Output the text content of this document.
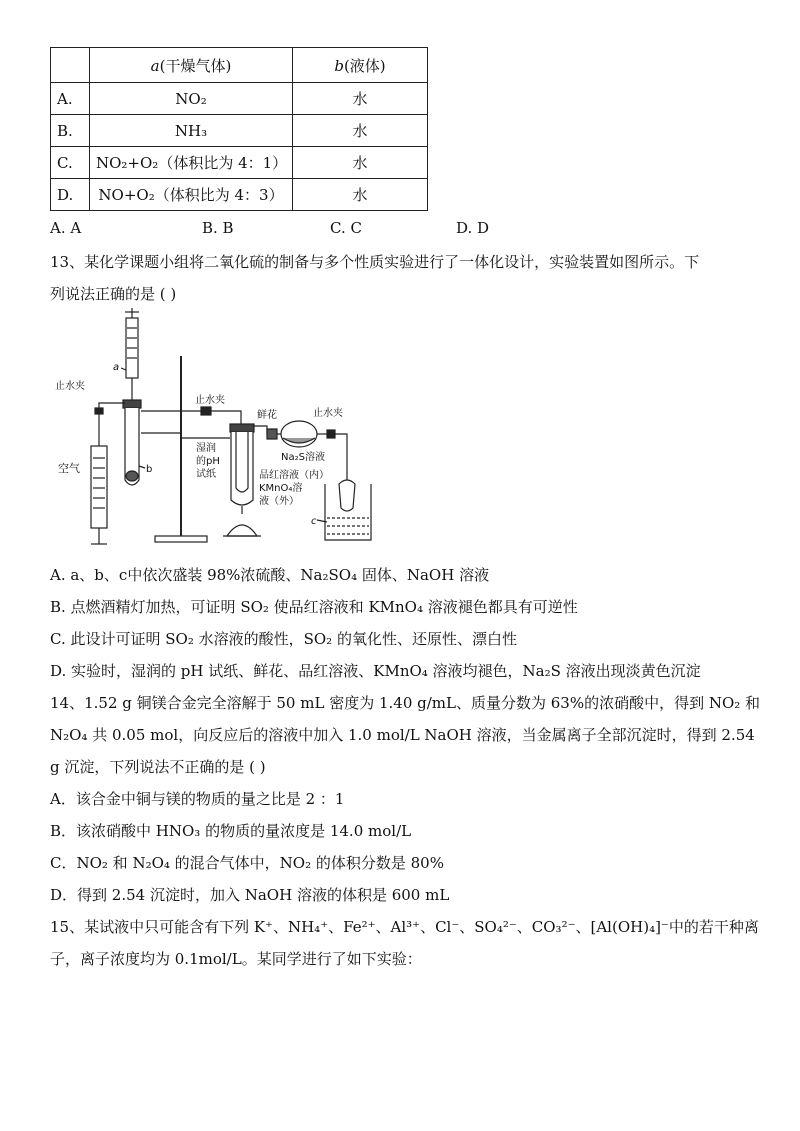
	a(干燥气体)	b(液体)
A.	NO₂	水
B.	NH₃	水
C.	NO₂+O₂（体积比为 4：1）	水
D.	NO+O₂（体积比为 4：3）	水
A. A	B. B	C. C	D. D
13、某化学课题小组将二氧化硫的制备与多个性质实验进行了一体化设计，实验装置如图所示。下
列说法正确的是 ( )
止水夹
空气
a
b
止水夹
湿润
的pH
试纸
鲜花	止水夹
Na₂S溶液
品红溶液（内）
KMnO₄溶
液（外）
c
A. a、b、c中依次盛装 98%浓硫酸、Na₂SO₄ 固体、NaOH 溶液
B. 点燃酒精灯加热，可证明 SO₂ 使品红溶液和 KMnO₄ 溶液褪色都具有可逆性
C. 此设计可证明 SO₂ 水溶液的酸性，SO₂ 的氧化性、还原性、漂白性
D. 实验时，湿润的 pH 试纸、鲜花、品红溶液、KMnO₄ 溶液均褪色，Na₂S 溶液出现淡黄色沉淀
14、1.52 g 铜镁合金完全溶解于 50 mL 密度为 1.40 g/mL、质量分数为 63%的浓硝酸中，得到 NO₂ 和
N₂O₄ 共 0.05 mol，向反应后的溶液中加入 1.0 mol/L NaOH 溶液，当金属离子全部沉淀时，得到 2.54
g 沉淀，下列说法不正确的是 ( )
A．该合金中铜与镁的物质的量之比是 2 ：1
B．该浓硝酸中 HNO₃ 的物质的量浓度是 14.0 mol/L
C．NO₂ 和 N₂O₄ 的混合气体中，NO₂ 的体积分数是 80%
D．得到 2.54 沉淀时，加入 NaOH 溶液的体积是 600 mL
15、某试液中只可能含有下列 K⁺、NH₄⁺、Fe²⁺、Al³⁺、Cl⁻、SO₄²⁻、CO₃²⁻、[Al(OH)₄]⁻中的若干种离
子，离子浓度均为 0.1mol/L。某同学进行了如下实验：
